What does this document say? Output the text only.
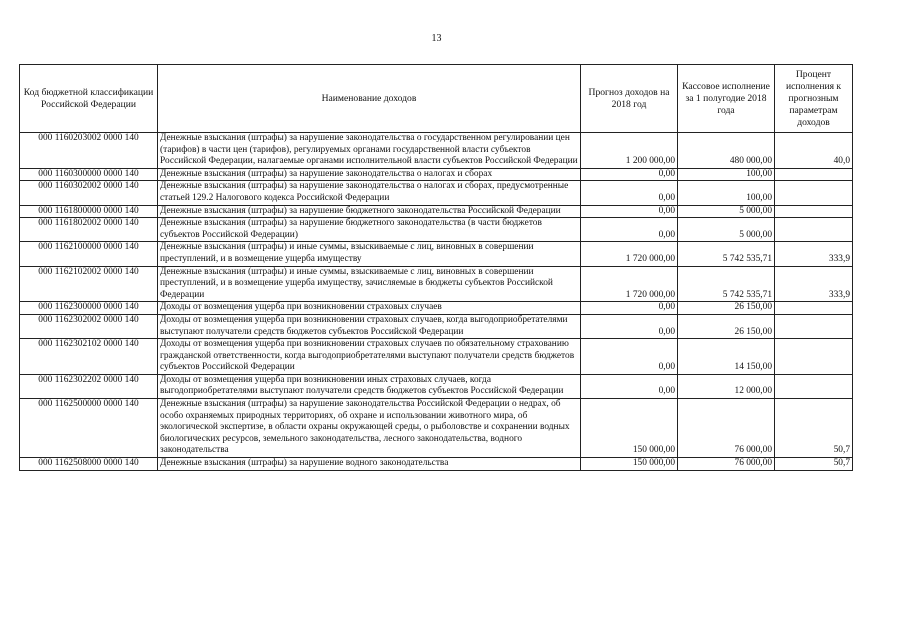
13
Код бюджетной классификации Российской Федерации	Наименование доходов	Прогноз доходов на 2018 год	Кассовое исполнение за 1 полугодие 2018 года	Процент исполнения к прогнозным параметрам доходов
000 1160203002 0000 140	Денежные взыскания (штрафы) за нарушение законодательства о государственном регулировании цен (тарифов) в части цен (тарифов), регулируемых органами государственной власти субъектов Российской Федерации, налагаемые органами исполнительной власти субъектов Российской Федерации	1 200 000,00	480 000,00	40,0
000 1160300000 0000 140	Денежные взыскания (штрафы) за нарушение законодательства о налогах и сборах	0,00	100,00	
000 1160302002 0000 140	Денежные взыскания (штрафы) за нарушение законодательства о налогах и сборах, предусмотренные статьей 129.2 Налогового кодекса Российской Федерации	0,00	100,00	
000 1161800000 0000 140	Денежные взыскания (штрафы) за нарушение бюджетного законодательства Российской Федерации	0,00	5 000,00	
000 1161802002 0000 140	Денежные взыскания (штрафы) за нарушение бюджетного законодательства (в части бюджетов субъектов Российской Федерации)	0,00	5 000,00	
000 1162100000 0000 140	Денежные взыскания (штрафы) и иные суммы, взыскиваемые с лиц, виновных в совершении преступлений, и в возмещение ущерба имуществу	1 720 000,00	5 742 535,71	333,9
000 1162102002 0000 140	Денежные взыскания (штрафы) и иные суммы, взыскиваемые с лиц, виновных в совершении преступлений, и в возмещение ущерба имуществу, зачисляемые в бюджеты субъектов Российской Федерации	1 720 000,00	5 742 535,71	333,9
000 1162300000 0000 140	Доходы от возмещения ущерба при возникновении страховых случаев	0,00	26 150,00	
000 1162302002 0000 140	Доходы от возмещения ущерба при возникновении страховых случаев, когда выгодоприобретателями выступают получатели средств бюджетов субъектов Российской Федерации	0,00	26 150,00	
000 1162302102 0000 140	Доходы от возмещения ущерба при возникновении страховых случаев по обязательному страхованию гражданской ответственности, когда выгодоприобретателями выступают получатели средств бюджетов субъектов Российской Федерации	0,00	14 150,00	
000 1162302202 0000 140	Доходы от возмещения ущерба при возникновении иных страховых случаев, когда выгодоприобретателями выступают получатели средств бюджетов субъектов Российской Федерации	0,00	12 000,00	
000 1162500000 0000 140	Денежные взыскания (штрафы) за нарушение законодательства Российской Федерации о недрах, об особо охраняемых природных территориях, об охране и использовании животного мира, об экологической экспертизе, в области охраны окружающей среды, о рыболовстве и сохранении водных биологических ресурсов, земельного законодательства, лесного законодательства, водного законодательства	150 000,00	76 000,00	50,7
000 1162508000 0000 140	Денежные взыскания (штрафы) за нарушение водного законодательства	150 000,00	76 000,00	50,7
